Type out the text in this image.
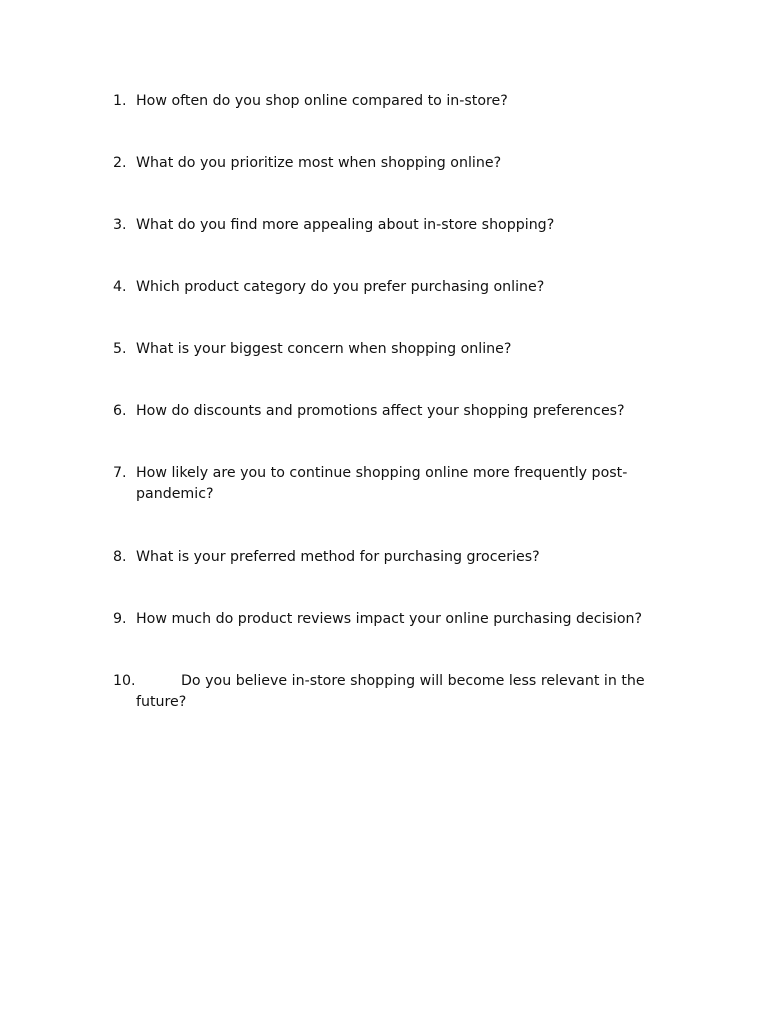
1. How often do you shop online compared to in-store?
2. What do you prioritize most when shopping online?
3. What do you find more appealing about in-store shopping?
4. Which product category do you prefer purchasing online?
5. What is your biggest concern when shopping online?
6. How do discounts and promotions affect your shopping preferences?
7. How likely are you to continue shopping online more frequently post-pandemic?
8. What is your preferred method for purchasing groceries?
9. How much do product reviews impact your online purchasing decision?
10.	Do you believe in-store shopping will become less relevant in the future?
